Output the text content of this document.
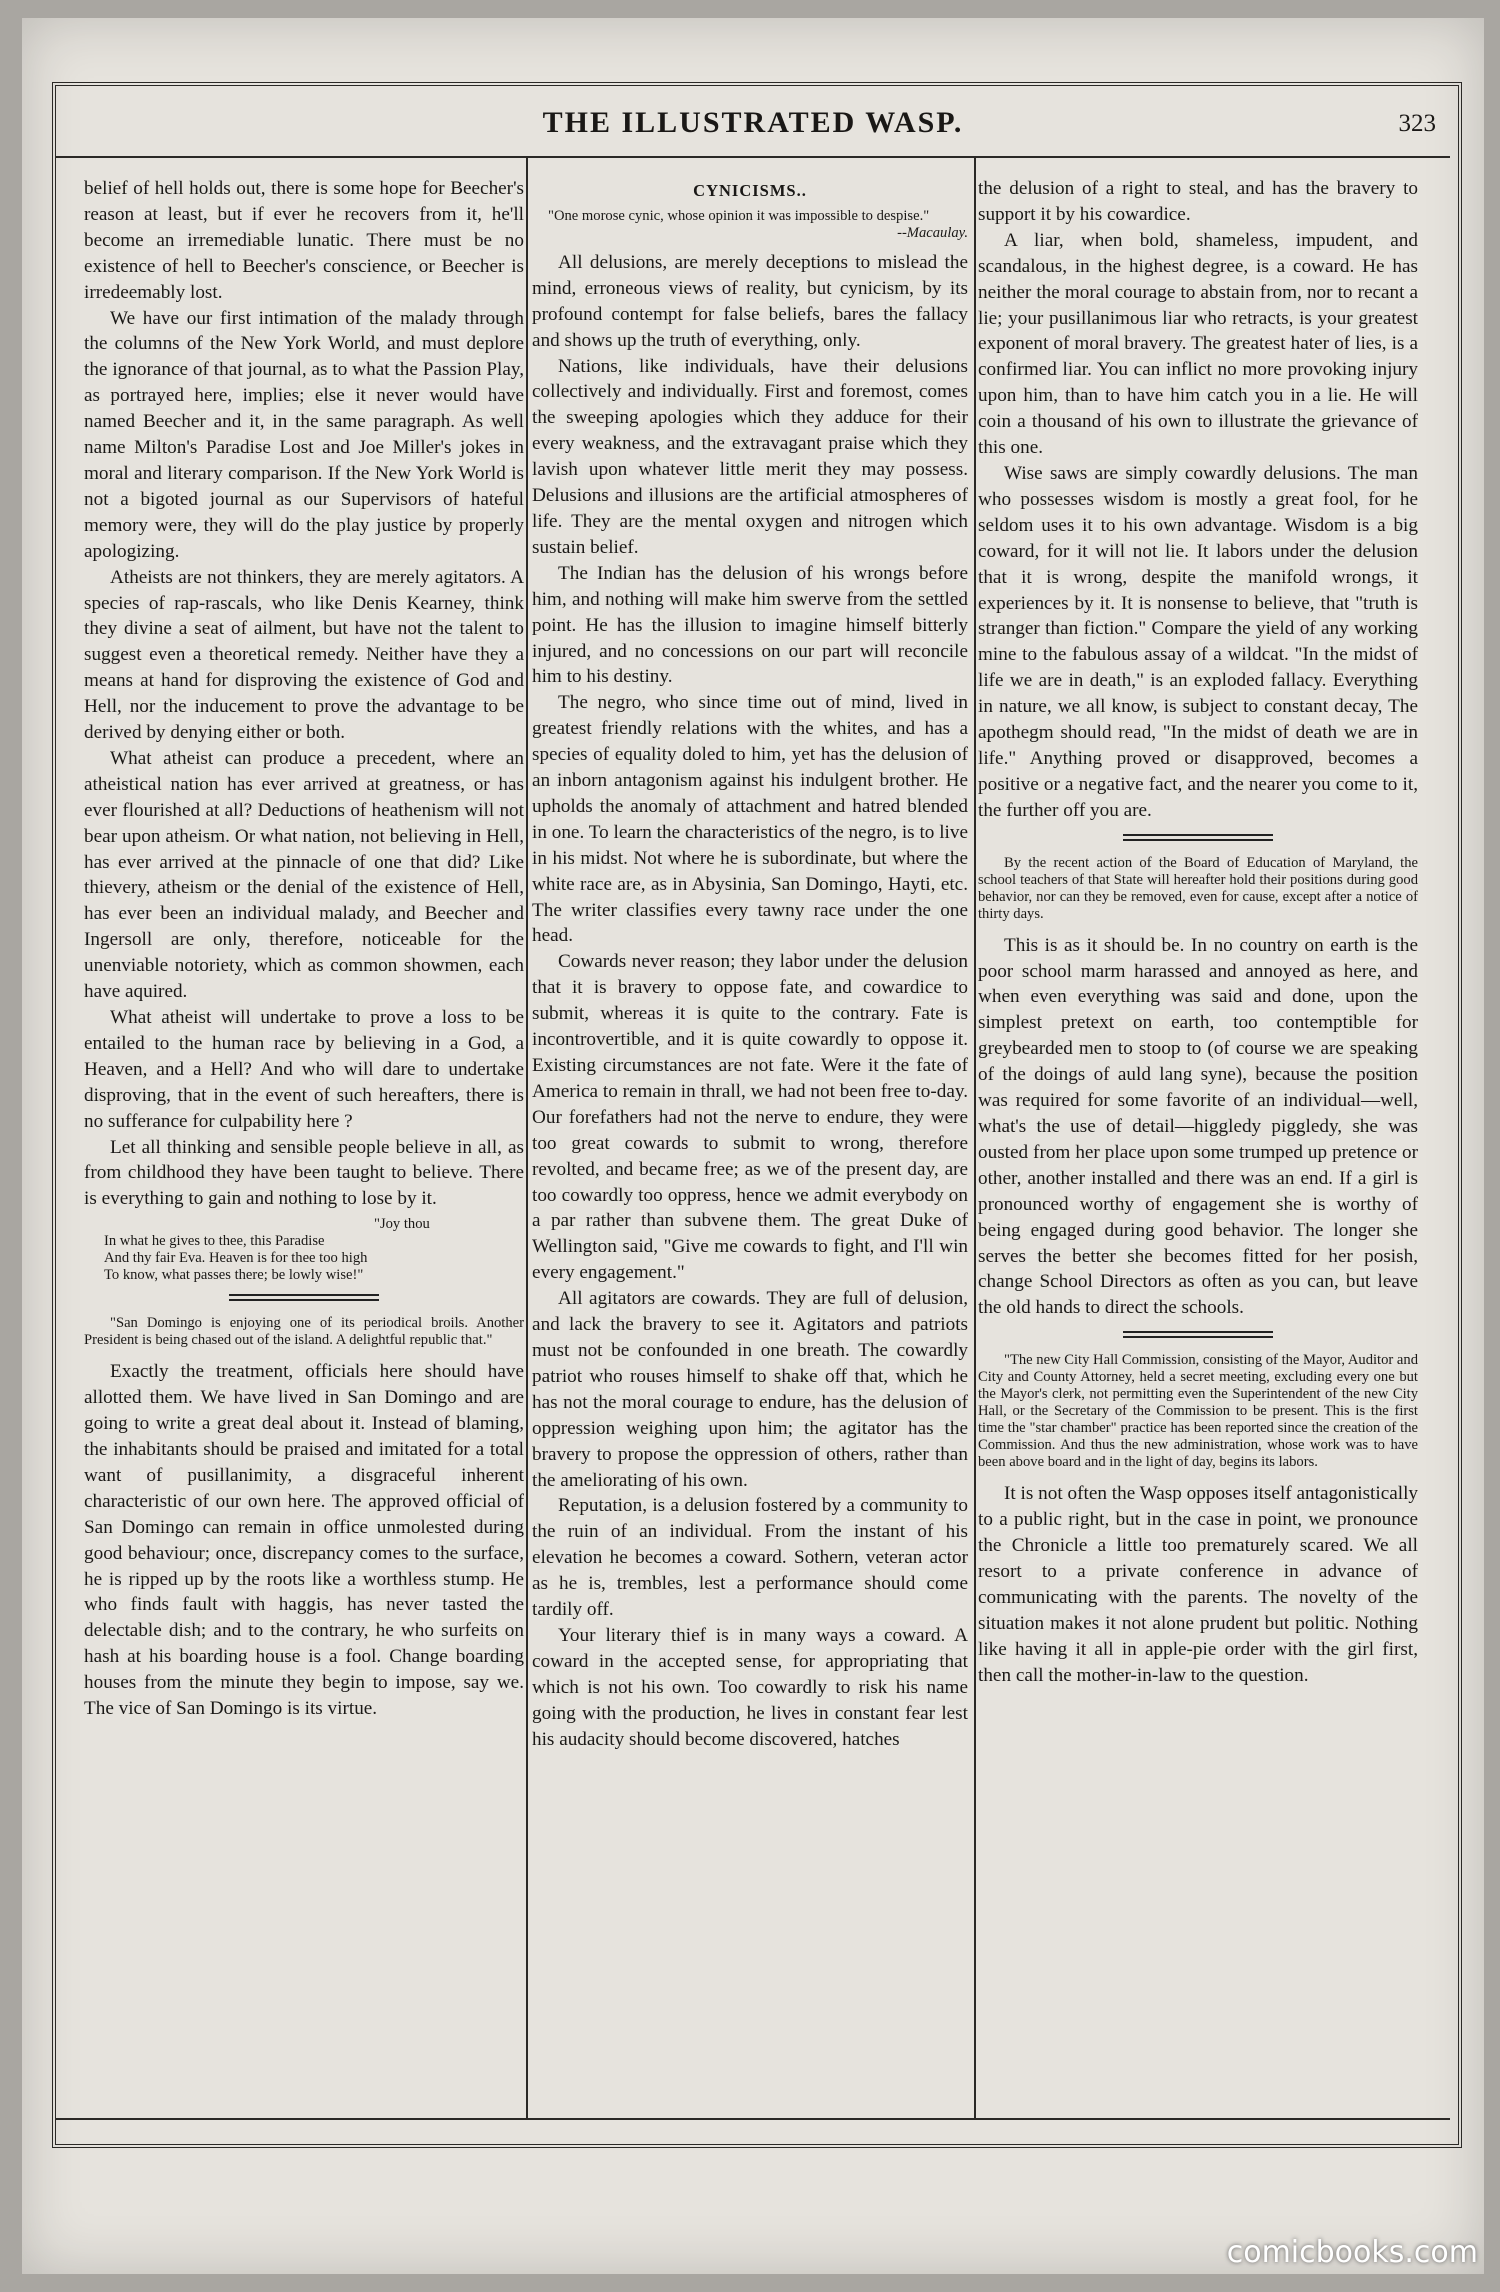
THE ILLUSTRATED WASP.	323

belief of hell holds out, there is some hope for Beecher's reason at least, but if ever he recovers from it, he'll become an irremediable lunatic. There must be no existence of hell to Beecher's conscience, or Beecher is irredeemably lost.

We have our first intimation of the malady through the columns of the New York World, and must deplore the ignorance of that journal, as to what the Passion Play, as portrayed here, implies; else it never would have named Beecher and it, in the same paragraph. As well name Milton's Paradise Lost and Joe Miller's jokes in moral and literary comparison. If the New York World is not a bigoted journal as our Supervisors of hateful memory were, they will do the play justice by properly apologizing.

Atheists are not thinkers, they are merely agitators. A species of rap-rascals, who like Denis Kearney, think they divine a seat of ailment, but have not the talent to suggest even a theoretical remedy. Neither have they a means at hand for disproving the existence of God and Hell, nor the inducement to prove the advantage to be derived by denying either or both.

What atheist can produce a precedent, where an atheistical nation has ever arrived at greatness, or has ever flourished at all? Deductions of heathenism will not bear upon atheism. Or what nation, not believing in Hell, has ever arrived at the pinnacle of one that did? Like thievery, atheism or the denial of the existence of Hell, has ever been an individual malady, and Beecher and Ingersoll are only, therefore, noticeable for the unenviable notoriety, which as common showmen, each have aquired.

What atheist will undertake to prove a loss to be entailed to the human race by believing in a God, a Heaven, and a Hell? And who will dare to undertake disproving, that in the event of such hereafters, there is no sufferance for culpability here ?

Let all thinking and sensible people believe in all, as from childhood they have been taught to believe. There is everything to gain and nothing to lose by it.

"Joy thou
In what he gives to thee, this Paradise
And thy fair Eva. Heaven is for thee too high
To know, what passes there; be lowly wise!"

"San Domingo is enjoying one of its periodical broils. Another President is being chased out of the island. A delightful republic that."

Exactly the treatment, officials here should have allotted them. We have lived in San Domingo and are going to write a great deal about it. Instead of blaming, the inhabitants should be praised and imitated for a total want of pusillanimity, a disgraceful inherent characteristic of our own here. The approved official of San Domingo can remain in office unmolested during good behaviour; once, discrepancy comes to the surface, he is ripped up by the roots like a worthless stump. He who finds fault with haggis, has never tasted the delectable dish; and to the contrary, he who surfeits on hash at his boarding house is a fool. Change boarding houses from the minute they begin to impose, say we. The vice of San Domingo is its virtue.

CYNICISMS..
"One morose cynic, whose opinion it was impossible to despise."
--Macaulay.

All delusions, are merely deceptions to mislead the mind, erroneous views of reality, but cynicism, by its profound contempt for false beliefs, bares the fallacy and shows up the truth of everything, only.

Nations, like individuals, have their delusions collectively and individually. First and foremost, comes the sweeping apologies which they adduce for their every weakness, and the extravagant praise which they lavish upon whatever little merit they may possess. Delusions and illusions are the artificial atmospheres of life. They are the mental oxygen and nitrogen which sustain belief.

The Indian has the delusion of his wrongs before him, and nothing will make him swerve from the settled point. He has the illusion to imagine himself bitterly injured, and no concessions on our part will reconcile him to his destiny.

The negro, who since time out of mind, lived in greatest friendly relations with the whites, and has a species of equality doled to him, yet has the delusion of an inborn antagonism against his indulgent brother. He upholds the anomaly of attachment and hatred blended in one. To learn the characteristics of the negro, is to live in his midst. Not where he is subordinate, but where the white race are, as in Abysinia, San Domingo, Hayti, etc. The writer classifies every tawny race under the one head.

Cowards never reason; they labor under the delusion that it is bravery to oppose fate, and cowardice to submit, whereas it is quite to the contrary. Fate is incontrovertible, and it is quite cowardly to oppose it. Existing circumstances are not fate. Were it the fate of America to remain in thrall, we had not been free to-day. Our forefathers had not the nerve to endure, they were too great cowards to submit to wrong, therefore revolted, and became free; as we of the present day, are too cowardly too oppress, hence we admit everybody on a par rather than subvene them. The great Duke of Wellington said, "Give me cowards to fight, and I'll win every engagement."

All agitators are cowards. They are full of delusion, and lack the bravery to see it. Agitators and patriots must not be confounded in one breath. The cowardly patriot who rouses himself to shake off that, which he has not the moral courage to endure, has the delusion of oppression weighing upon him; the agitator has the bravery to propose the oppression of others, rather than the ameliorating of his own.

Reputation, is a delusion fostered by a community to the ruin of an individual. From the instant of his elevation he becomes a coward. Sothern, veteran actor as he is, trembles, lest a performance should come tardily off.

Your literary thief is in many ways a coward. A coward in the accepted sense, for appropriating that which is not his own. Too cowardly to risk his name going with the production, he lives in constant fear lest his audacity should become discovered, hatches

the delusion of a right to steal, and has the bravery to support it by his cowardice.

A liar, when bold, shameless, impudent, and scandalous, in the highest degree, is a coward. He has neither the moral courage to abstain from, nor to recant a lie; your pusillanimous liar who retracts, is your greatest exponent of moral bravery. The greatest hater of lies, is a confirmed liar. You can inflict no more provoking injury upon him, than to have him catch you in a lie. He will coin a thousand of his own to illustrate the grievance of this one.

Wise saws are simply cowardly delusions. The man who possesses wisdom is mostly a great fool, for he seldom uses it to his own advantage. Wisdom is a big coward, for it will not lie. It labors under the delusion that it is wrong, despite the manifold wrongs, it experiences by it. It is nonsense to believe, that "truth is stranger than fiction." Compare the yield of any working mine to the fabulous assay of a wildcat. "In the midst of life we are in death," is an exploded fallacy. Everything in nature, we all know, is subject to constant decay, The apothegm should read, "In the midst of death we are in life." Anything proved or disapproved, becomes a positive or a negative fact, and the nearer you come to it, the further off you are.

By the recent action of the Board of Education of Maryland, the school teachers of that State will hereafter hold their positions during good behavior, nor can they be removed, even for cause, except after a notice of thirty days.

This is as it should be. In no country on earth is the poor school marm harassed and annoyed as here, and when even everything was said and done, upon the simplest pretext on earth, too contemptible for greybearded men to stoop to (of course we are speaking of the doings of auld lang syne), because the position was required for some favorite of an individual—well, what's the use of detail—higgledy piggledy, she was ousted from her place upon some trumped up pretence or other, another installed and there was an end. If a girl is pronounced worthy of engagement she is worthy of being engaged during good behavior. The longer she serves the better she becomes fitted for her posish, change School Directors as often as you can, but leave the old hands to direct the schools.

"The new City Hall Commission, consisting of the Mayor, Auditor and City and County Attorney, held a secret meeting, excluding every one but the Mayor's clerk, not permitting even the Superintendent of the new City Hall, or the Secretary of the Commission to be present. This is the first time the "star chamber" practice has been reported since the creation of the Commission. And thus the new administration, whose work was to have been above board and in the light of day, begins its labors.

It is not often the Wasp opposes itself antagonistically to a public right, but in the case in point, we pronounce the Chronicle a little too prematurely scared. We all resort to a private conference in advance of communicating with the parents. The novelty of the situation makes it not alone prudent but politic. Nothing like having it all in apple-pie order with the girl first, then call the mother-in-law to the question.

comicbooks.com
